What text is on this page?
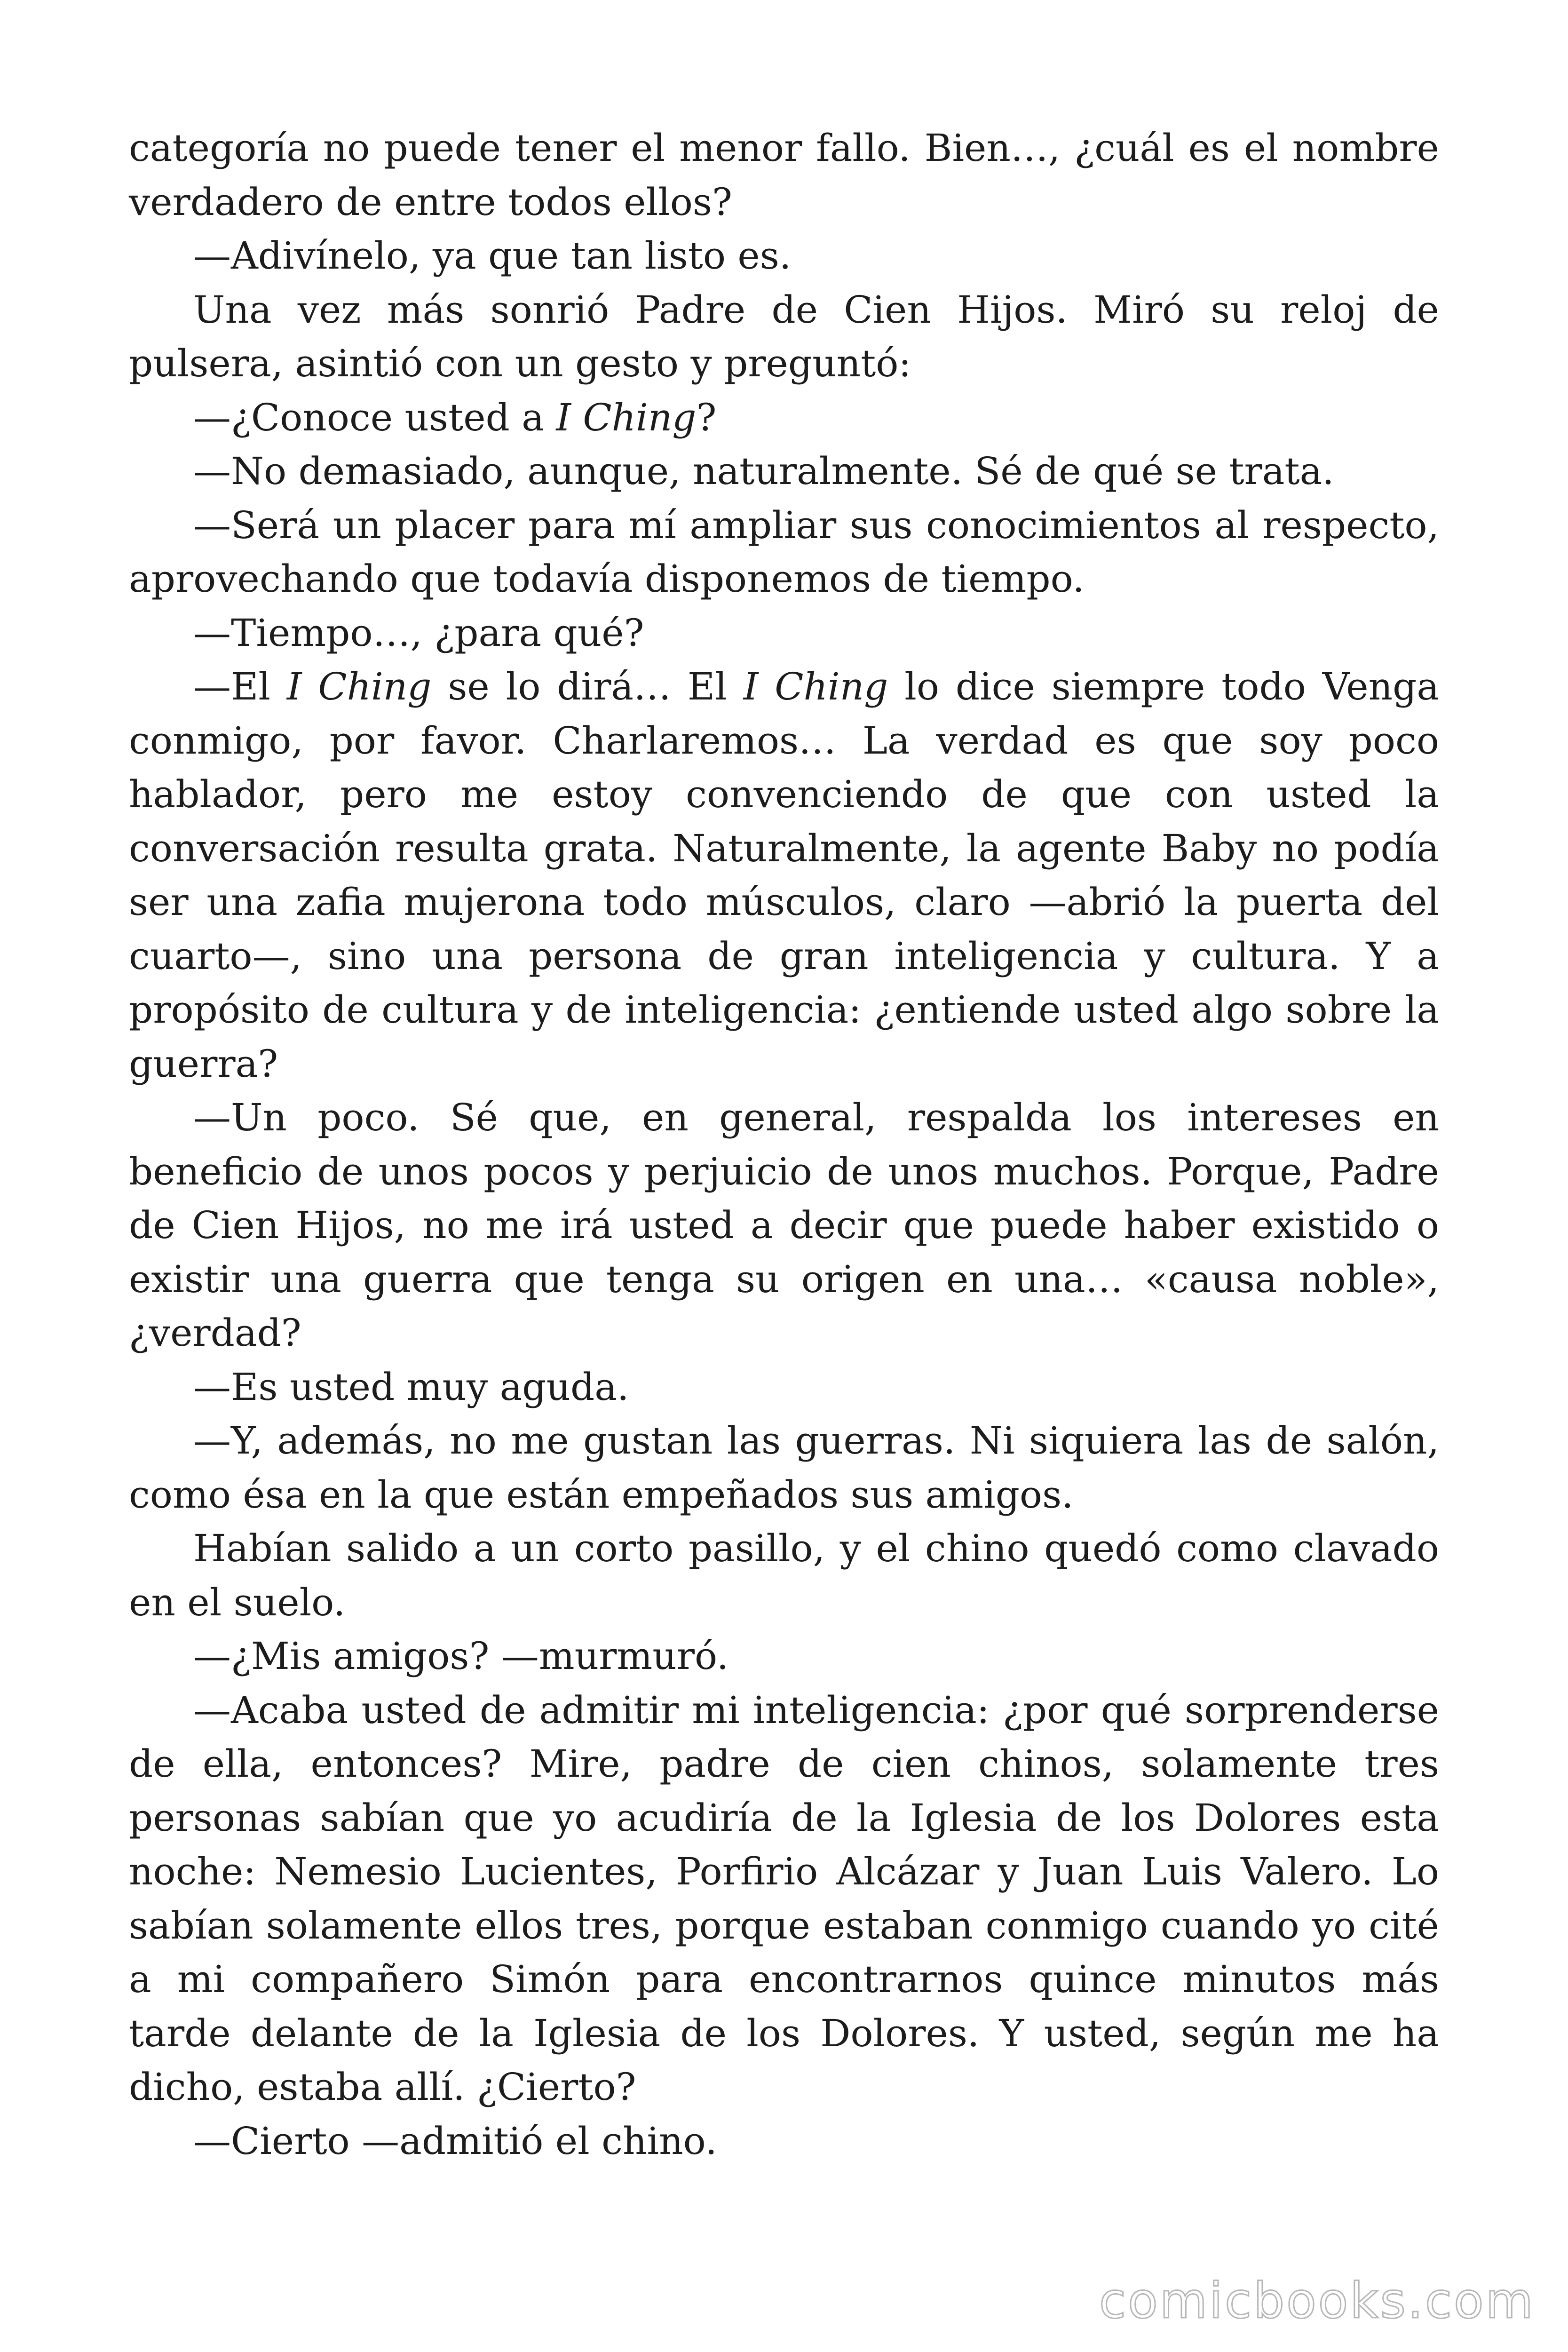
categoría no puede tener el menor fallo. Bien…, ¿cuál es el nombre verdadero de entre todos ellos?

—Adivínelo, ya que tan listo es.

Una vez más sonrió Padre de Cien Hijos. Miró su reloj de pulsera, asintió con un gesto y preguntó:

—¿Conoce usted a I Ching?

—No demasiado, aunque, naturalmente. Sé de qué se trata.

—Será un placer para mí ampliar sus conocimientos al respecto, aprovechando que todavía disponemos de tiempo.

—Tiempo…, ¿para qué?

—El I Ching se lo dirá… El I Ching lo dice siempre todo Venga conmigo, por favor. Charlaremos… La verdad es que soy poco hablador, pero me estoy convenciendo de que con usted la conversación resulta grata. Naturalmente, la agente Baby no podía ser una zafia mujerona todo músculos, claro —abrió la puerta del cuarto—, sino una persona de gran inteligencia y cultura. Y a propósito de cultura y de inteligencia: ¿entiende usted algo sobre la guerra?

—Un poco. Sé que, en general, respalda los intereses en beneficio de unos pocos y perjuicio de unos muchos. Porque, Padre de Cien Hijos, no me irá usted a decir que puede haber existido o existir una guerra que tenga su origen en una… «causa noble», ¿verdad?

—Es usted muy aguda.

—Y, además, no me gustan las guerras. Ni siquiera las de salón, como ésa en la que están empeñados sus amigos.

Habían salido a un corto pasillo, y el chino quedó como clavado en el suelo.

—¿Mis amigos? —murmuró.

—Acaba usted de admitir mi inteligencia: ¿por qué sorprenderse de ella, entonces? Mire, padre de cien chinos, solamente tres personas sabían que yo acudiría de la Iglesia de los Dolores esta noche: Nemesio Lucientes, Porfirio Alcázar y Juan Luis Valero. Lo sabían solamente ellos tres, porque estaban conmigo cuando yo cité a mi compañero Simón para encontrarnos quince minutos más tarde delante de la Iglesia de los Dolores. Y usted, según me ha dicho, estaba allí. ¿Cierto?

—Cierto —admitió el chino.

comicbooks.com
